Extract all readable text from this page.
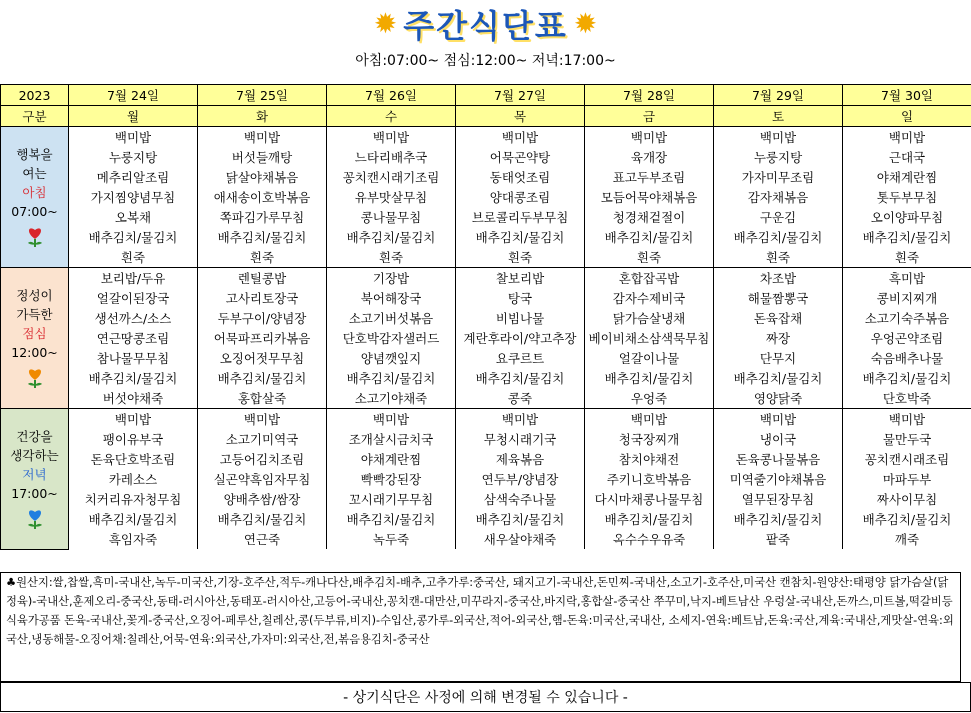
✹ 주간식단표 ✹
아침:07:00~ 점심:12:00~ 저녁:17:00~
2023	7월 24일	7월 25일	7월 26일	7월 27일	7월 28일	7월 29일	7월 30일
구분	월	화	수	목	금	토	일

행복을
여는
아침
07:00~	백미밥	백미밥	백미밥	백미밥	백미밥	백미밥	백미밥
	누룽지탕	버섯들깨탕	느타리배추국	어묵곤약탕	육개장	누룽지탕	근대국
	메추리알조림	닭살야채볶음	꽁치캔시래기조림	동태엇조림	표고두부조림	가자미무조림	야채계란찜
	가지찜양념무침	애새송이호박볶음	유부맛살무침	양대콩조림	모듬어묵야채볶음	감자채볶음	톳두부무침
	오복채	쪽파김가루무침	콩나물무침	브로콜리두부무침	청경채겉절이	구운김	오이양파무침
	배추김치/물김치	배추김치/물김치	배추김치/물김치	배추김치/물김치	배추김치/물김치	배추김치/물김치	배추김치/물김치
	흰죽	흰죽	흰죽	흰죽	흰죽	흰죽	흰죽

정성이
가득한
점심
12:00~	보리밥/두유	렌틸콩밥	기장밥	찰보리밥	혼합잡곡밥	차조밥	흑미밥
	얼갈이된장국	고사리토장국	북어해장국	탕국	감자수제비국	해물짬뽕국	콩비지찌개
	생선까스/소스	두부구이/양념장	소고기버섯볶음	비빔나물	닭가슴살냉채	돈육잡채	소고기숙주볶음
	연근땅콩조림	어묵파프리카볶음	단호박감자샐러드	계란후라이/약고추장	베이비채소삼색묵무침	짜장	우엉곤약조림
	참나물무무침	오징어젓무무침	양념깻잎지	요쿠르트	얼갈이나물	단무지	숙음배추나물
	배추김치/물김치	배추김치/물김치	배추김치/물김치	배추김치/물김치	배추김치/물김치	배추김치/물김치	배추김치/물김치
	버섯야채죽	홍합살죽	소고기야채죽	콩죽	우엉죽	영양닭죽	단호박죽

건강을
생각하는
저녁
17:00~	백미밥	백미밥	백미밥	백미밥	백미밥	백미밥	백미밥
	팽이유부국	소고기미역국	조개살시금치국	무청시래기국	청국장찌개	냉이국	물만두국
	돈육단호박조림	고등어김치조림	야채계란찜	제육볶음	참치야채전	돈육콩나물볶음	꽁치캔시래조림
	카레소스	실곤약흑임자무침	빡빡강된장	연두부/양념장	주키니호박볶음	미역줄기야채볶음	마파두부
	치커리유자청무침	양배추쌈/쌈장	꼬시래기무무침	삼색숙주나물	다시마채콩나물무침	열무된장무침	짜사이무침
	배추김치/물김치	배추김치/물김치	배추김치/물김치	배추김치/물김치	배추김치/물김치	배추김치/물김치	배추김치/물김치
	흑임자죽	연근죽	녹두죽	새우살야채죽	옥수수우유죽	팥죽	깨죽
♣원산지:쌀,찹쌀,흑미-국내산,녹두-미국산,기장-호주산,적두-캐나다산,배추김치-배추,고추가루:중국산, 돼지고기-국내산,돈민찌-국내산,소고기-호주산,미국산 캔참치-원양산:태평양 닭가슴살(닭정육)-국내산,훈제오리-중국산,동태-러시아산,동태포-러시아산,고등어-국내산,꽁치캔-대만산,미꾸라지-중국산,바지락,홍합살-중국산 쭈꾸미,낙지-베트남산 우렁살-국내산,돈까스,미트볼,떡갈비등 식육가공품 돈육-국내산,꽃게-중국산,오징어-페루산,칠레산,콩(두부류,비지)-수입산,콩가루-외국산,적어-외국산,햄-돈육:미국산,국내산, 소세지-연육:베트남,돈육:국산,계육:국내산,게맛살-연육:외국산,냉동해물-오징어채:칠레산,어묵-연육:외국산,가자미:외국산,전,볶음용김치-중국산
- 상기식단은 사정에 의해 변경될 수 있습니다 -
